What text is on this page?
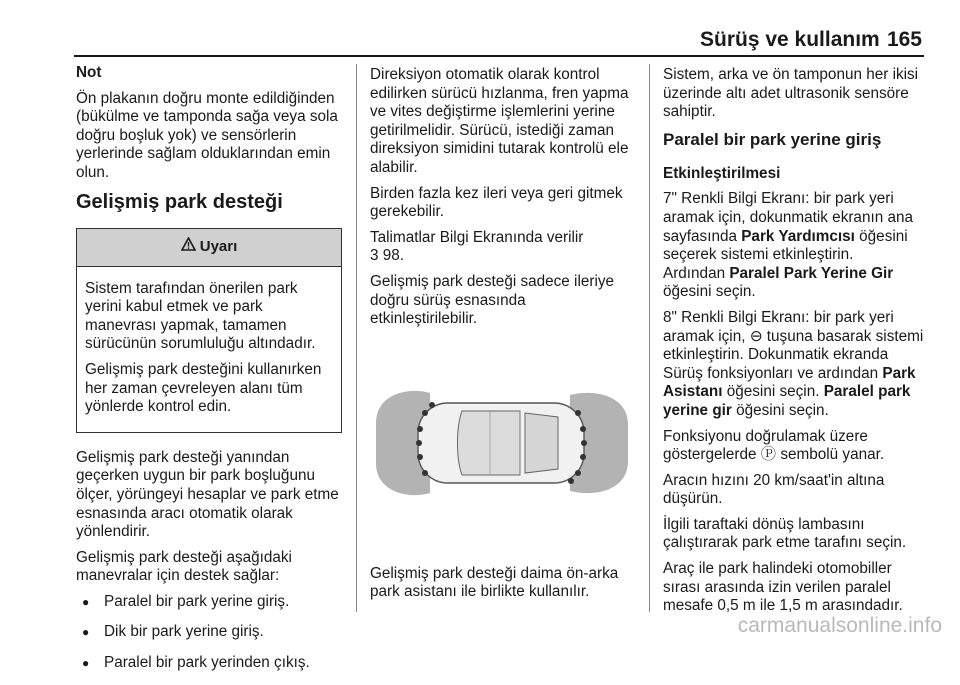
Sürüş ve kullanım 165

Not

Ön plakanın doğru monte edildiğinden (bükülme ve tamponda sağa veya sola doğru boşluk yok) ve sensörlerin yerlerinde sağlam olduklarından emin olun.

Gelişmiş park desteği
Uyarı

Sistem tarafından önerilen park yerini kabul etmek ve park manevrası yapmak, tamamen sürücünün sorumluluğu altındadır.

Gelişmiş park desteğini kullanırken her zaman çevreleyen alanı tüm yönlerde kontrol edin.

Gelişmiş park desteği yanından geçerken uygun bir park boşluğunu ölçer, yörüngeyi hesaplar ve park etme esnasında aracı otomatik olarak yönlendirir.

Gelişmiş park desteği aşağıdaki manevralar için destek sağlar:

● Paralel bir park yerine giriş.
● Dik bir park yerine giriş.
● Paralel bir park yerinden çıkış.

Direksiyon otomatik olarak kontrol edilirken sürücü hızlanma, fren yapma ve vites değiştirme işlemlerini yerine getirilmelidir. Sürücü, istediği zaman direksiyon simidini tutarak kontrolü ele alabilir.

Birden fazla kez ileri veya geri gitmek gerekebilir.

Talimatlar Bilgi Ekranında verilir
3 98.

Gelişmiş park desteği sadece ileriye doğru sürüş esnasında etkinleştirilebilir.

Gelişmiş park desteği daima ön-arka park asistanı ile birlikte kullanılır.

Sistem, arka ve ön tamponun her ikisi üzerinde altı adet ultrasonik sensöre sahiptir.

Paralel bir park yerine giriş

Etkinleştirilmesi

7" Renkli Bilgi Ekranı: bir park yeri aramak için, dokunmatik ekranın ana sayfasında Park Yardımcısı öğesini seçerek sistemi etkinleştirin.
Ardından Paralel Park Yerine Gir öğesini seçin.

8" Renkli Bilgi Ekranı: bir park yeri aramak için, ⊖ tuşuna basarak sistemi etkinleştirin. Dokunmatik ekranda Sürüş fonksiyonları ve ardından Park Asistanı öğesini seçin. Paralel park yerine gir öğesini seçin.

Fonksiyonu doğrulamak üzere göstergelerde Ⓟ sembolü yanar.

Aracın hızını 20 km/saat'in altına düşürün.

İlgili taraftaki dönüş lambasını çalıştırarak park etme tarafını seçin.

Araç ile park halindeki otomobiller sırası arasında izin verilen paralel mesafe 0,5 m ile 1,5 m arasındadır.

carmanualsonline.info
